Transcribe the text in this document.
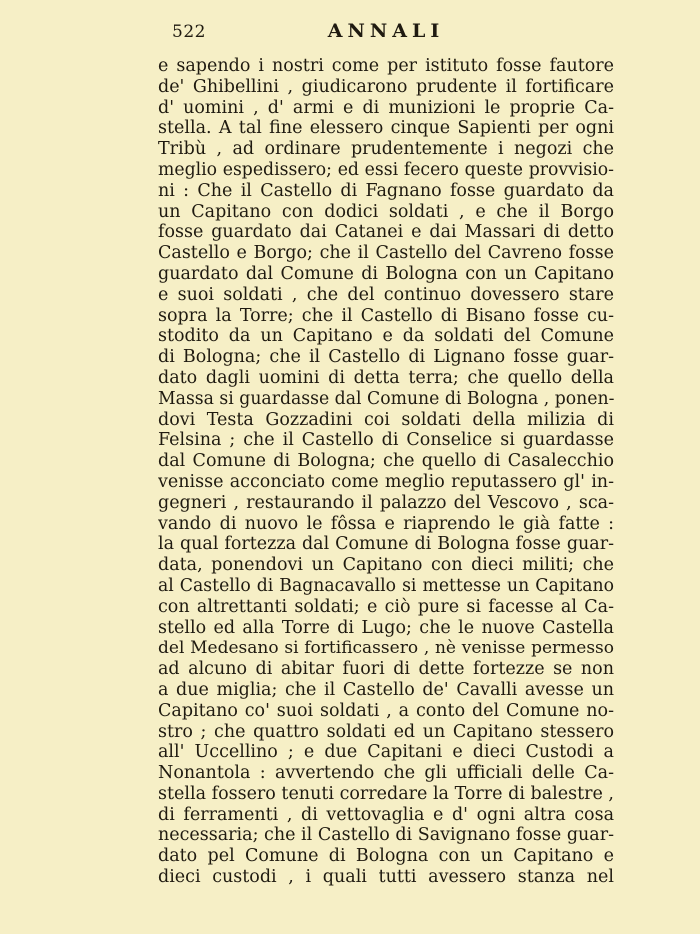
522	ANNALI
e sapendo i nostri come per istituto fosse fautore
de' Ghibellini , giudicarono prudente il fortificare
d' uomini , d' armi e di munizioni le proprie Ca-
stella. A tal fine elessero cinque Sapienti per ogni
Tribù , ad ordinare prudentemente i negozi che
meglio espedissero; ed essi fecero queste provvisio-
ni : Che il Castello di Fagnano fosse guardato da
un Capitano con dodici soldati , e che il Borgo
fosse guardato dai Catanei e dai Massari di detto
Castello e Borgo; che il Castello del Cavreno fosse
guardato dal Comune di Bologna con un Capitano
e suoi soldati , che del continuo dovessero stare
sopra la Torre; che il Castello di Bisano fosse cu-
stodito da un Capitano e da soldati del Comune
di Bologna; che il Castello di Lignano fosse guar-
dato dagli uomini di detta terra; che quello della
Massa si guardasse dal Comune di Bologna , ponen-
dovi Testa Gozzadini coi soldati della milizia di
Felsina ; che il Castello di Conselice si guardasse
dal Comune di Bologna; che quello di Casalecchio
venisse acconciato come meglio reputassero gl' in-
gegneri , restaurando il palazzo del Vescovo , sca-
vando di nuovo le fôssa e riaprendo le già fatte :
la qual fortezza dal Comune di Bologna fosse guar-
data, ponendovi un Capitano con dieci militi; che
al Castello di Bagnacavallo si mettesse un Capitano
con altrettanti soldati; e ciò pure si facesse al Ca-
stello ed alla Torre di Lugo; che le nuove Castella
del Medesano si fortificassero , nè venisse permesso
ad alcuno di abitar fuori di dette fortezze se non
a due miglia; che il Castello de' Cavalli avesse un
Capitano co' suoi soldati , a conto del Comune no-
stro ; che quattro soldati ed un Capitano stessero
all' Uccellino ; e due Capitani e dieci Custodi a
Nonantola : avvertendo che gli ufficiali delle Ca-
stella fossero tenuti corredare la Torre di balestre ,
di ferramenti , di vettovaglia e d' ogni altra cosa
necessaria; che il Castello di Savignano fosse guar-
dato pel Comune di Bologna con un Capitano e
dieci custodi , i quali tutti avessero stanza nel
